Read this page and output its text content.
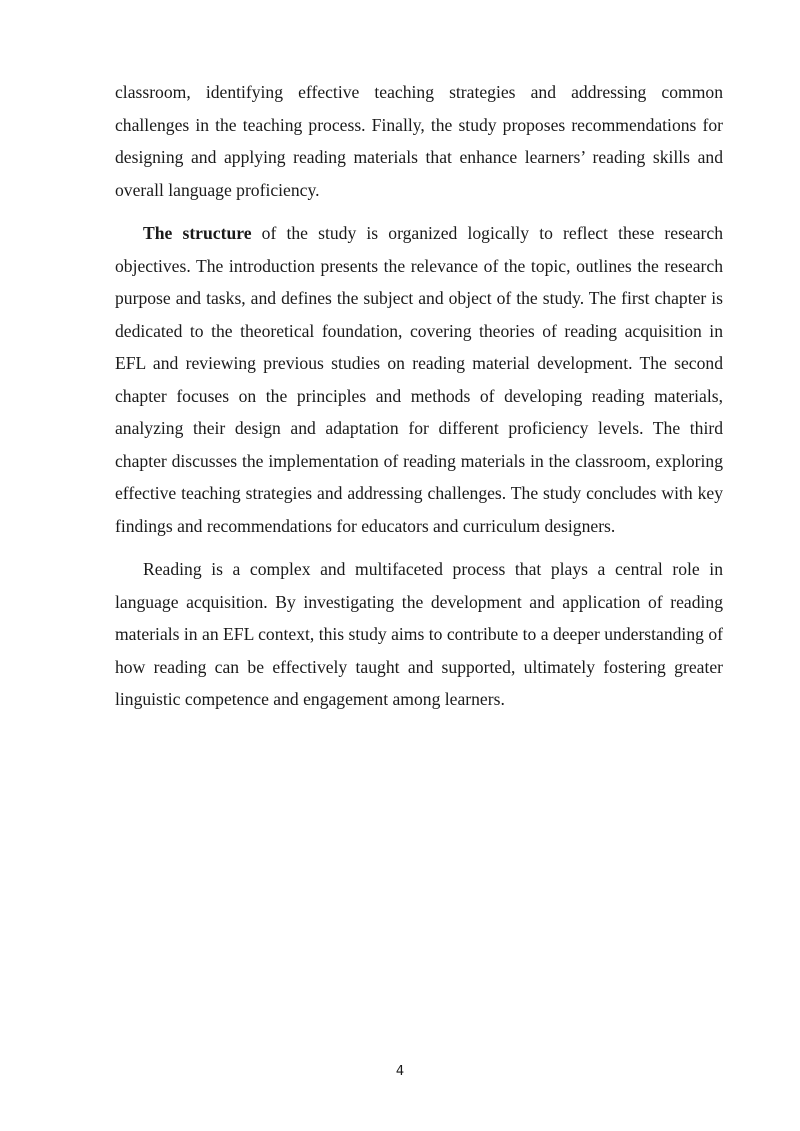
classroom, identifying effective teaching strategies and addressing common challenges in the teaching process. Finally, the study proposes recommendations for designing and applying reading materials that enhance learners’ reading skills and overall language proficiency.

The structure of the study is organized logically to reflect these research objectives. The introduction presents the relevance of the topic, outlines the research purpose and tasks, and defines the subject and object of the study. The first chapter is dedicated to the theoretical foundation, covering theories of reading acquisition in EFL and reviewing previous studies on reading material development. The second chapter focuses on the principles and methods of developing reading materials, analyzing their design and adaptation for different proficiency levels. The third chapter discusses the implementation of reading materials in the classroom, exploring effective teaching strategies and addressing challenges. The study concludes with key findings and recommendations for educators and curriculum designers.

Reading is a complex and multifaceted process that plays a central role in language acquisition. By investigating the development and application of reading materials in an EFL context, this study aims to contribute to a deeper understanding of how reading can be effectively taught and supported, ultimately fostering greater linguistic competence and engagement among learners.

4
